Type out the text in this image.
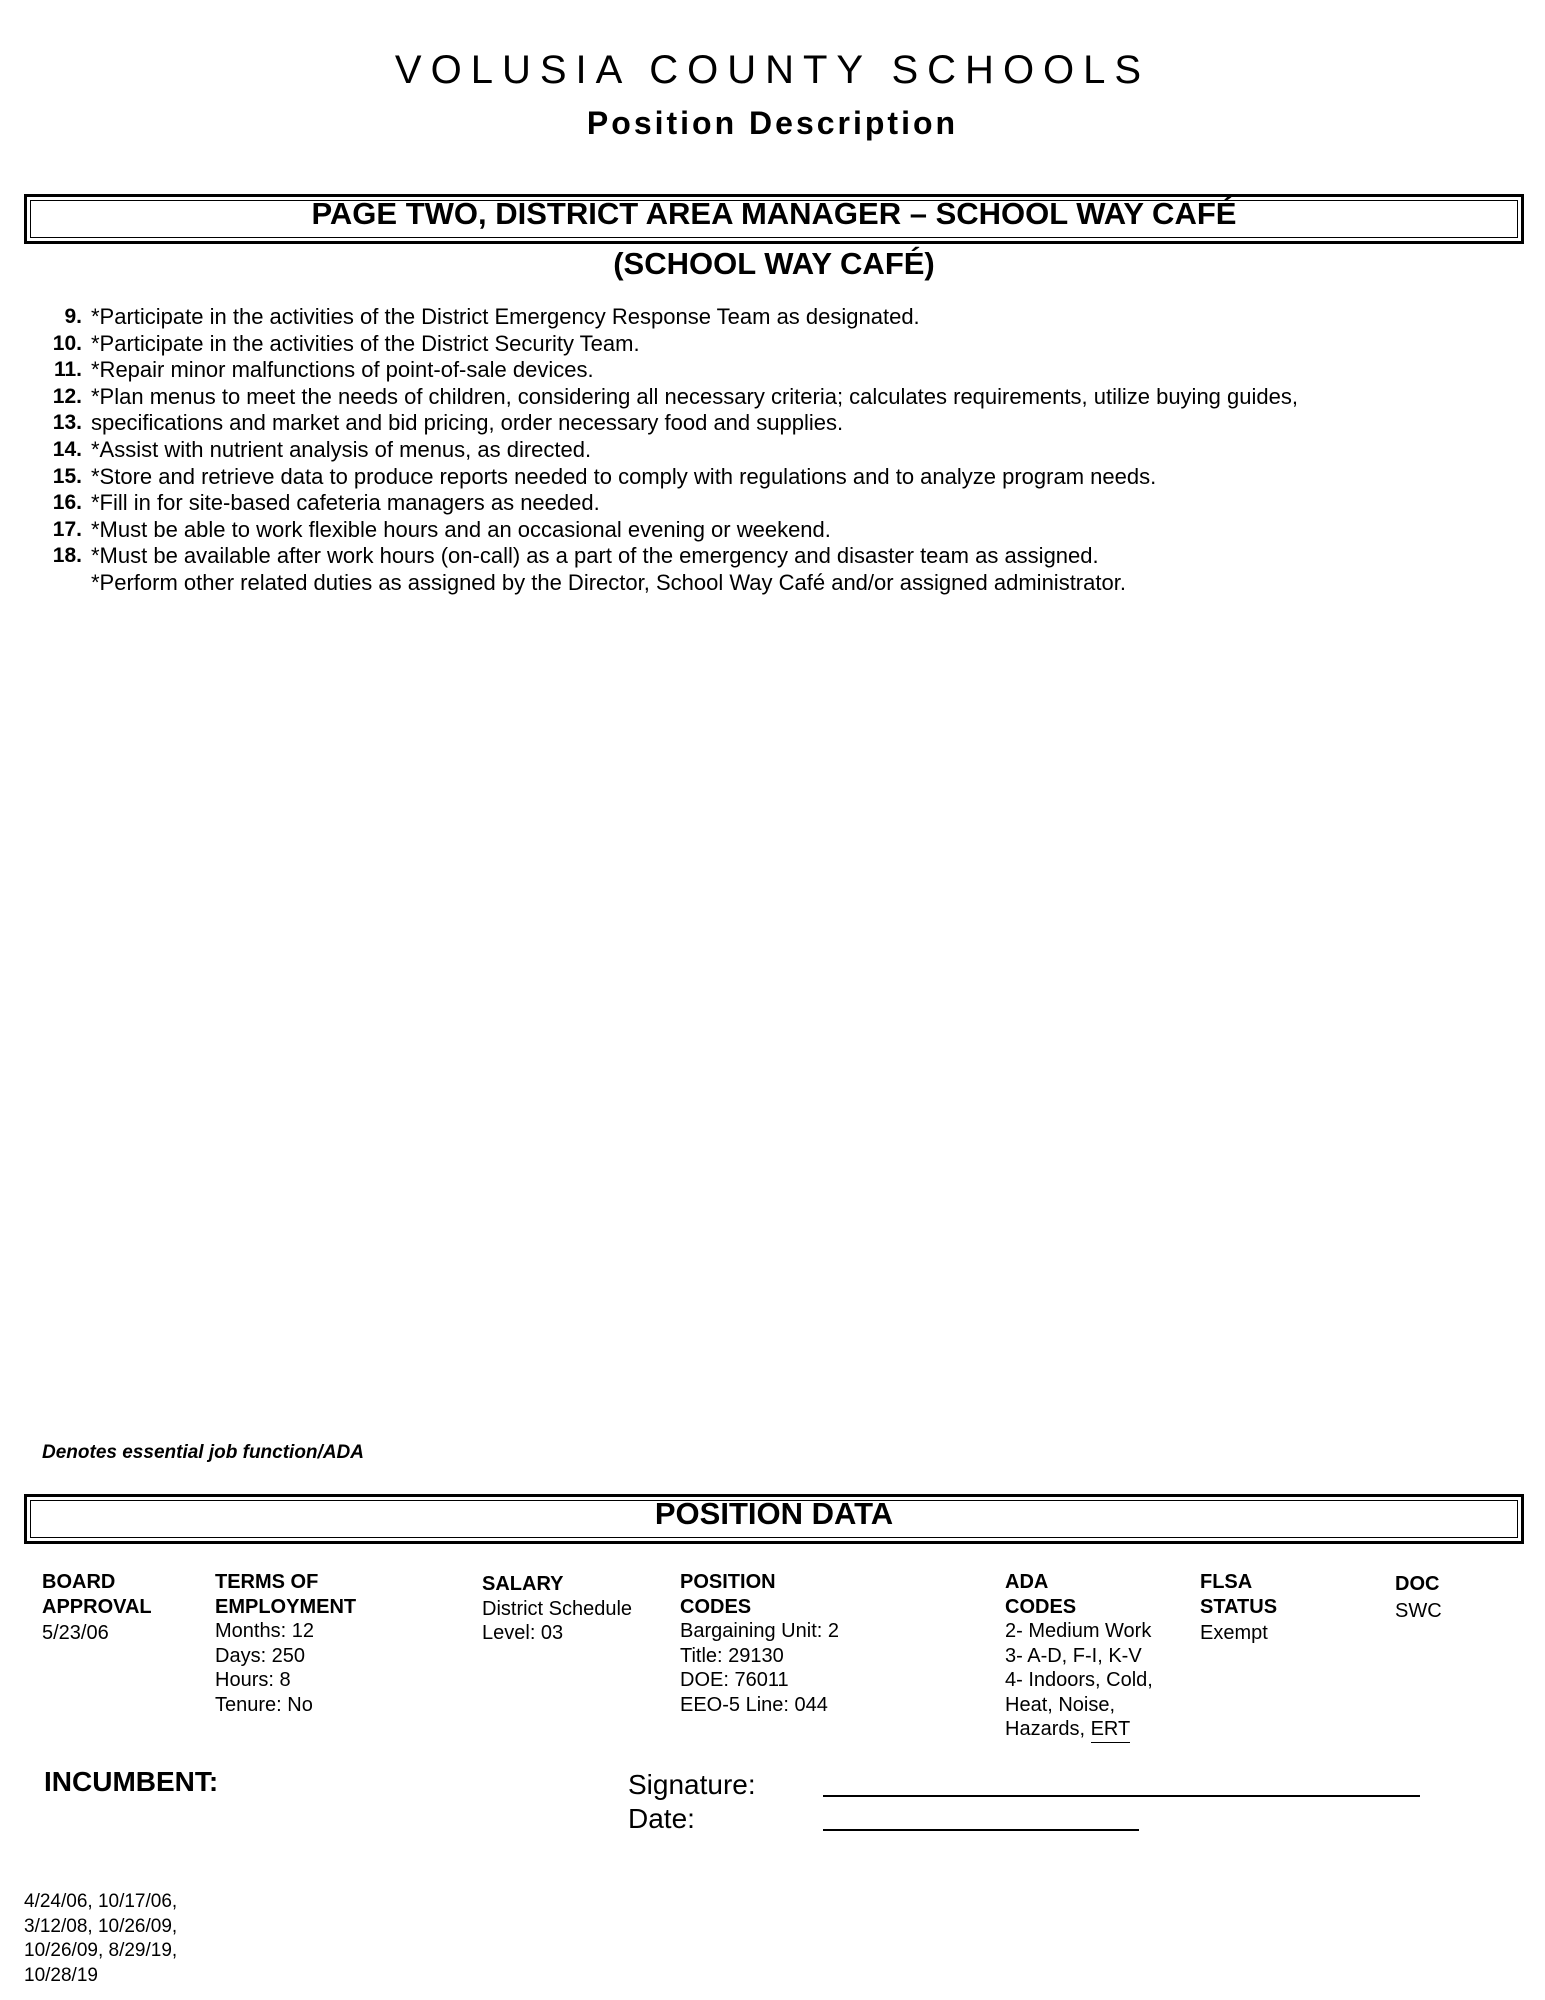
VOLUSIA COUNTY SCHOOLS
Position Description
PAGE TWO, DISTRICT AREA MANAGER – SCHOOL WAY CAFÉ
(SCHOOL WAY CAFÉ)
9.
10.
11.
12.
13.
14.
15.
16.
17.
18.
*Participate in the activities of the District Emergency Response Team as designated.
*Participate in the activities of the District Security Team.
*Repair minor malfunctions of point-of-sale devices.
*Plan menus to meet the needs of children, considering all necessary criteria; calculates requirements, utilize buying guides,
specifications and market and bid pricing, order necessary food and supplies.
*Assist with nutrient analysis of menus, as directed.
*Store and retrieve data to produce reports needed to comply with regulations and to analyze program needs.
*Fill in for site-based cafeteria managers as needed.
*Must be able to work flexible hours and an occasional evening or weekend.
*Must be available after work hours (on-call) as a part of the emergency and disaster team as assigned.
*Perform other related duties as assigned by the Director, School Way Café and/or assigned administrator.
Denotes essential job function/ADA
POSITION DATA
BOARD
APPROVAL
5/23/06
TERMS OF
EMPLOYMENT
Months: 12
Days: 250
Hours: 8
Tenure: No
SALARY
District Schedule
Level: 03
POSITION
CODES
Bargaining Unit: 2
Title: 29130
DOE: 76011
EEO-5 Line: 044
ADA
CODES
2- Medium Work
3- A-D, F-I, K-V
4- Indoors, Cold,
Heat, Noise,
Hazards, ERT
FLSA
STATUS
Exempt
DOC
SWC
INCUMBENT:	Signature:
Date:
4/24/06, 10/17/06,
3/12/08, 10/26/09,
10/26/09, 8/29/19,
10/28/19
